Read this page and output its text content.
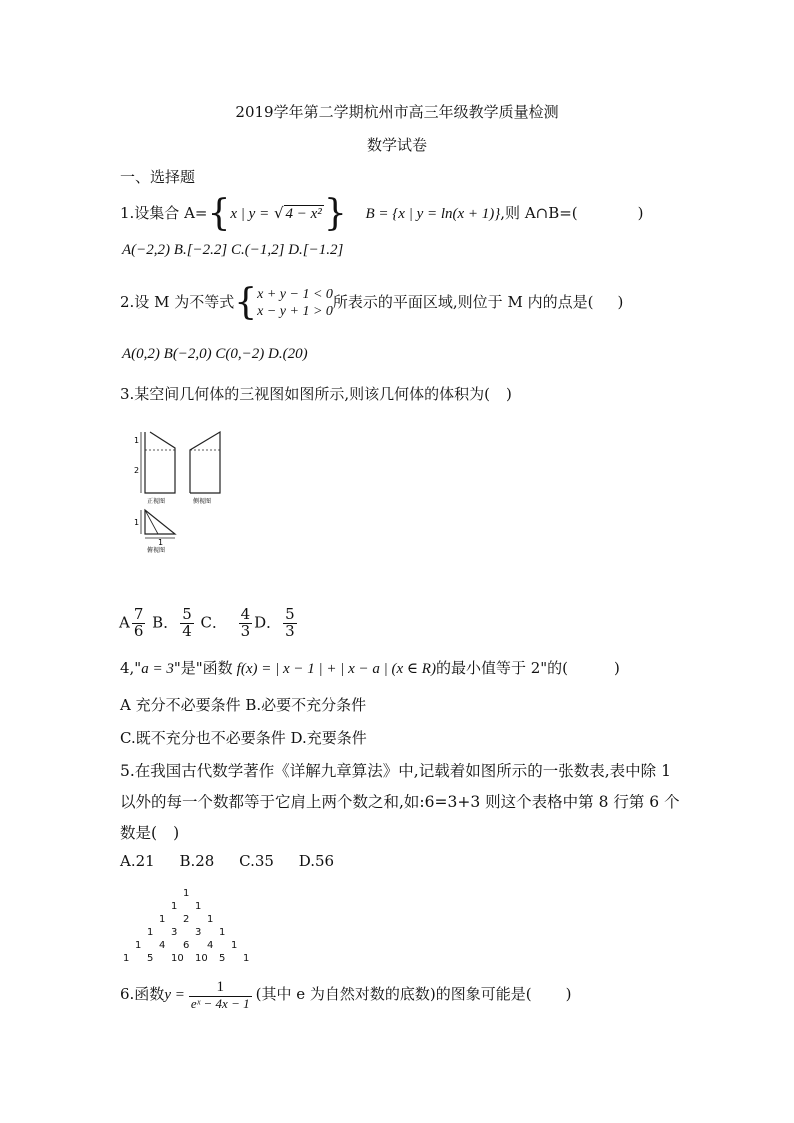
2019学年第二学期杭州市高三年级教学质量检测
数学试卷
一、选择题
1.设集合 A={x | y = √ 4 − x²} B = {x | y = ln(x + 1)},则 A∩B=(	)
A(−2,2) B.[−2.2] C.(−1,2] D.[−1.2]
2.设 M 为不等式{ x + y − 1 < 0
x − y + 1 > 0
所表示的平面区域,则位于 M 内的点是( )
A(0,2) B(−2,0) C(0,−2) D.(20)
3.某空间几何体的三视图如图所示,则该几何体的体积为( )
1
2
正视图	侧视图
1
1
俯视图
A $\frac{7}{6}$ B． $\frac{5}{4}$ C． $\frac{4}{3}$ D． $\frac{5}{3}$
4,"a = 3"是"函数 f(x) = | x − 1 | + | x − a | (x ∈ R)的最小值等于 2"的(	)
A 充分不必要条件 B.必要不充分条件
C.既不充分也不必要条件 D.充要条件
5.在我国古代数学著作《详解九章算法》中,记载着如图所示的一张数表,表中除 1
以外的每一个数都等于它肩上两个数之和,如:6=3+3 则这个表格中第 8 行第 6 个
数是( )
A.21 B.28 C.35 D.56
1
1 1
1 2 1
1 3 3 1
1 4 6 4 1
1 5 10 10 5 1
6.函数$y = \frac{1}{\text{eˣ − 4x − 1}}$ (其中 e 为自然对数的底数)的图象可能是( )
